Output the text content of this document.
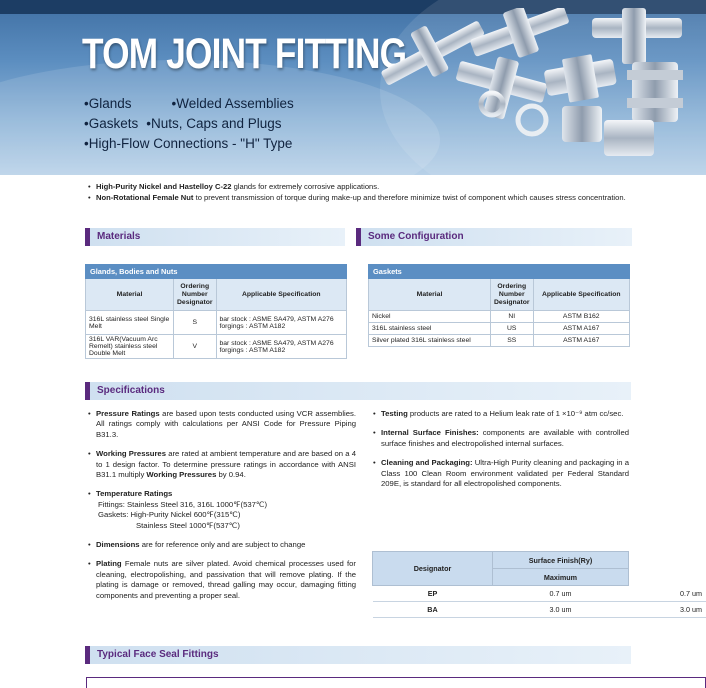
TOM JOINT FITTING
•Glands	•Welded Assemblies
•Gaskets •Nuts, Caps and Plugs
•High-Flow Connections - "H" Type
• High-Purity Nickel and Hastelloy C-22 glands for extremely corrosive applications.
• Non-Rotational Female Nut to prevent transmission of torque during make-up and therefore minimize twist of component which causes stress concentration.
Materials	Some Configuration
Glands, Bodies and Nuts		
Material	Ordering Number Designator	Applicable Specification
316L stainless steel Single Melt	S	bar stock : ASME SA479, ASTM A276 forgings : ASTM A182
316L VAR(Vacuum Arc Remelt) stainless steel Double Melt	V	bar stock : ASME SA479, ASTM A276 forgings : ASTM A182
Gaskets		
Material	Ordering Number Designator	Applicable Specification
Nickel	NI	ASTM B162
316L stainless steel	US	ASTM A167
Silver plated 316L stainless steel	SS	ASTM A167
Specifications
• Pressure Ratings are based upon tests conducted using VCR assemblies. All ratings comply with calculations per ANSI Code for Pressure Piping B31.3.
• Working Pressures are rated at ambient temperature and are based on a 4 to 1 design factor. To determine pressure ratings in accordance with ANSI B31.1 multiply Working Pressures by 0.94.
• Temperature Ratings
Fittings: Stainless Steel 316, 316L 1000℉(537℃)
Gaskets: High-Purity Nickel 600℉(315℃)
Stainless Steel 1000℉(537℃)
• Dimensions are for reference only and are subject to change
• Plating Female nuts are silver plated. Avoid chemical processes used for cleaning, electropolishing, and passivation that will remove plating. If the plating is damage or removed, thread galling may occur, damaging fitting components and preventing a proper seal.
• Testing products are rated to a Helium leak rate of 1 ×10⁻⁹ atm cc/sec.
• Internal Surface Finishes: components are available with controlled surface finishes and electropolished internal surfaces.
• Cleaning and Packaging: Ultra-High Purity cleaning and packaging in a Class 100 Clean Room environment validated per Federal Standard 209E, is standard for all electropolished components.
Designator	Surface Finish(Ry)	
	Maximum	
EP	0.7 um	0.7 um
BA	3.0 um	3.0 um
Typical Face Seal Fittings
